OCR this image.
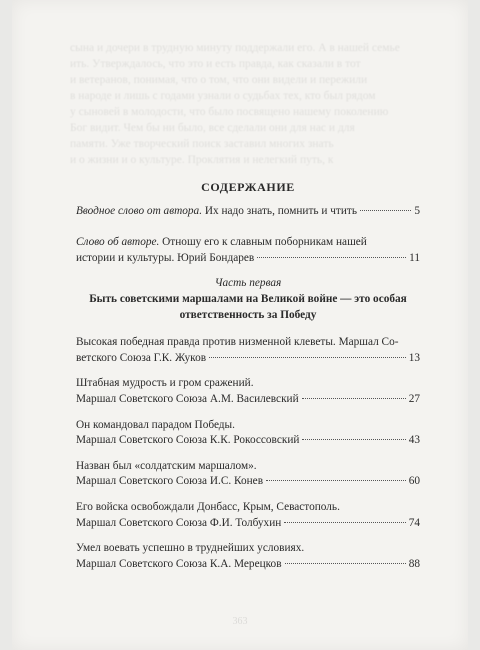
сына и дочери в трудную минуту поддержали его. А в нашей семье
ить. Утверждалось, что это и есть правда, как сказали в тот
и ветеранов, понимая, что о том, что они видели и пережили
в народе и лишь с годами узнали о судьбах тех, кто был рядом
у сыновей в молодости, что было посвящено нашему поколению
Бог видит. Чем бы ни было, все сделали они для нас и для
памяти. Уже творческий поиск заставил многих знать
и о жизни и о культуре. Проклятия и нелегкий путь, к
СОДЕРЖАНИЕ
Вводное слово от автора. Их надо знать, помнить и чтить	5
Слово об авторе. Отношу его к славным поборникам нашей
истории и культуры. Юрий Бондарев	11
Часть первая
Быть советскими маршалами на Великой войне — это особая
ответственность за Победу
Высокая победная правда против низменной клеветы. Маршал Со-
ветского Союза Г.К. Жуков	13
Штабная мудрость и гром сражений.
Маршал Советского Союза А.М. Василевский	27
Он командовал парадом Победы.
Маршал Советского Союза К.К. Рокоссовский	43
Назван был «солдатским маршалом».
Маршал Советского Союза И.С. Конев	60
Его войска освобождали Донбасс, Крым, Севастополь.
Маршал Советского Союза Ф.И. Толбухин	74
Умел воевать успешно в труднейших условиях.
Маршал Советского Союза К.А. Мерецков	88
363
